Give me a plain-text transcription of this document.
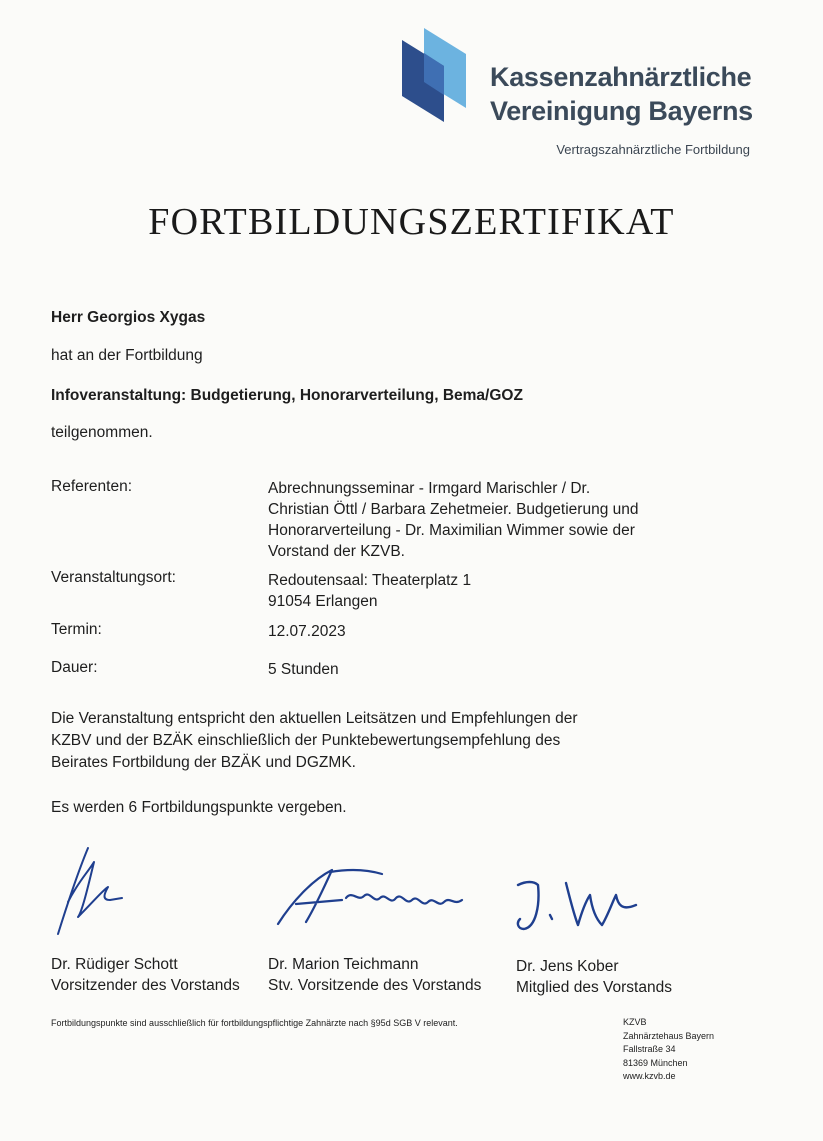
Kassenzahnärztliche
Vereinigung Bayerns
Vertragszahnärztliche Fortbildung
FORTBILDUNGSZERTIFIKAT
Herr Georgios Xygas
hat an der Fortbildung
Infoveranstaltung: Budgetierung, Honorarverteilung, Bema/GOZ
teilgenommen.
Referenten:	Abrechnungsseminar - Irmgard Marischler / Dr.
Christian Öttl / Barbara Zehetmeier. Budgetierung und
Honorarverteilung - Dr. Maximilian Wimmer sowie der
Vorstand der KZVB.
Veranstaltungsort:	Redoutensaal: Theaterplatz 1
91054 Erlangen
Termin:	12.07.2023
Dauer:	5 Stunden
Die Veranstaltung entspricht den aktuellen Leitsätzen und Empfehlungen der
KZBV und der BZÄK einschließlich der Punktebewertungsempfehlung des
Beirates Fortbildung der BZÄK und DGZMK.
Es werden 6 Fortbildungspunkte vergeben.
Dr. Rüdiger Schott
Vorsitzender des Vorstands
Dr. Marion Teichmann
Stv. Vorsitzende des Vorstands
Dr. Jens Kober
Mitglied des Vorstands
Fortbildungspunkte sind ausschließlich für fortbildungspflichtige Zahnärzte nach §95d SGB V relevant.	KZVB
Zahnärztehaus Bayern
Fallstraße 34
81369 München
www.kzvb.de
